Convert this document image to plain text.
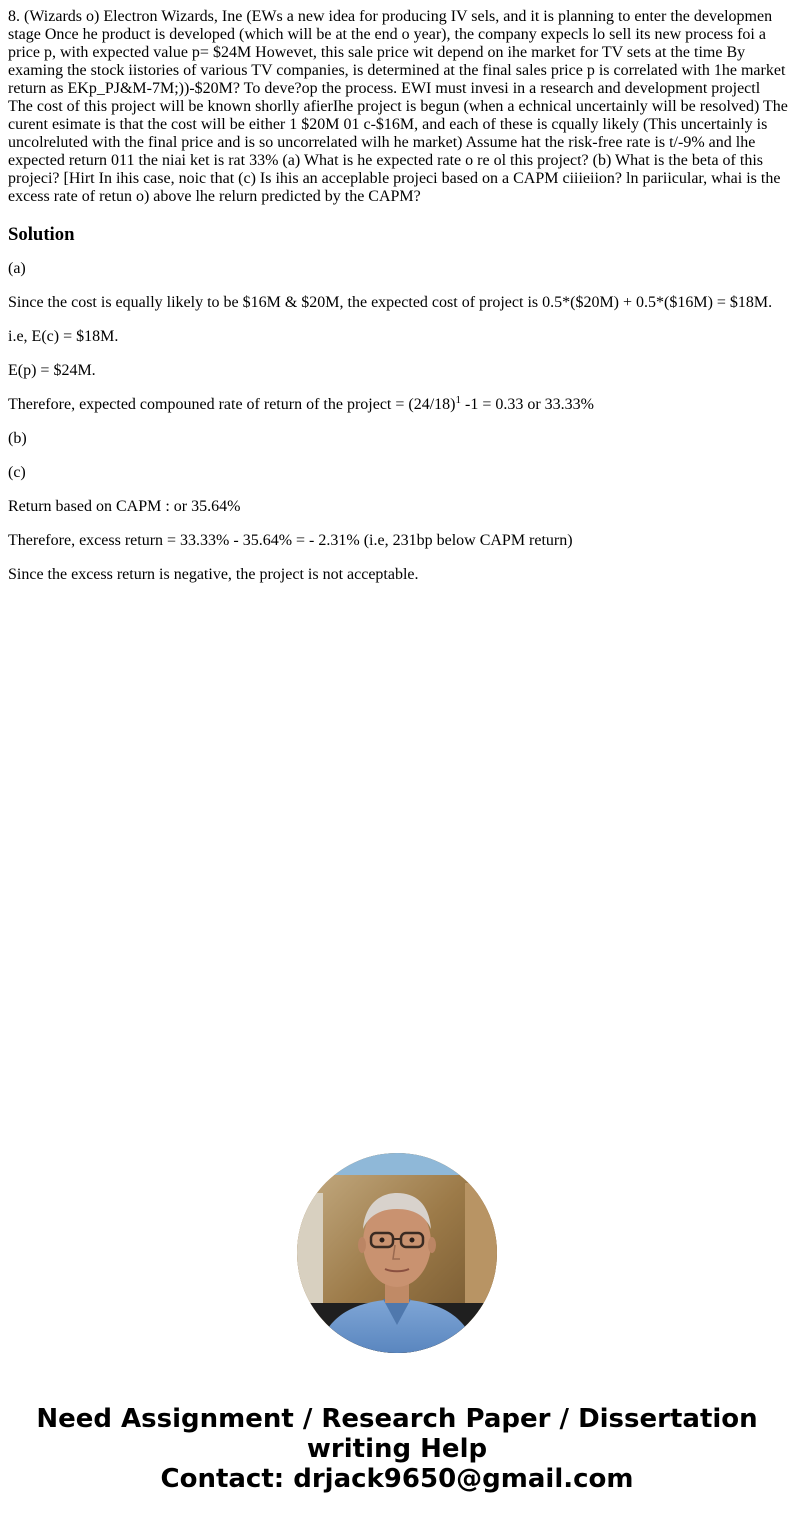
8. (Wizards o) Electron Wizards, Ine (EWs a new idea for producing IV sels, and it is planning to enter the developmen stage Once he product is developed (which will be at the end o year), the company expecls lo sell its new process foi a price p, with expected value p= $24M Howevet, this sale price wit depend on ihe market for TV sets at the time By examing the stock iistories of various TV companies, is determined at the final sales price p is correlated with 1he market return as EKp_PJ&M-7M;))-$20M? To deve?op the process. EWI must invesi in a research and development projectl The cost of this project will be known shorlly afierIhe project is begun (when a echnical uncertainly will be resolved) The curent esimate is that the cost will be either 1 $20M 01 c-$16M, and each of these is cqually likely (This uncertainly is uncolreluted with the final price and is so uncorrelated wilh he market) Assume hat the risk-free rate is t/-9% and lhe expected return 011 the niai ket is rat 33% (a) What is he expected rate o re ol this project? (b) What is the beta of this projeci? [Hirt In ihis case, noic that (c) Is ihis an acceplable projeci based on a CAPM ciiieiion? ln pariicular, whai is the excess rate of retun o) above lhe relurn predicted by the CAPM?

Solution

(a)

Since the cost is equally likely to be $16M & $20M, the expected cost of project is 0.5*($20M) + 0.5*($16M) = $18M.

i.e, E(c) = $18M.

E(p) = $24M.

Therefore, expected compouned rate of return of the project = $(24/18)^1$ -1 = 0.33 or 33.33%

(b)

(c)

Return based on CAPM : or 35.64%

Therefore, excess return = 33.33% - 35.64% = - 2.31% (i.e, 231bp below CAPM return)

Since the excess return is negative, the project is not acceptable.

Need Assignment / Research Paper / Dissertation
writing Help
Contact: drjack9650@gmail.com
